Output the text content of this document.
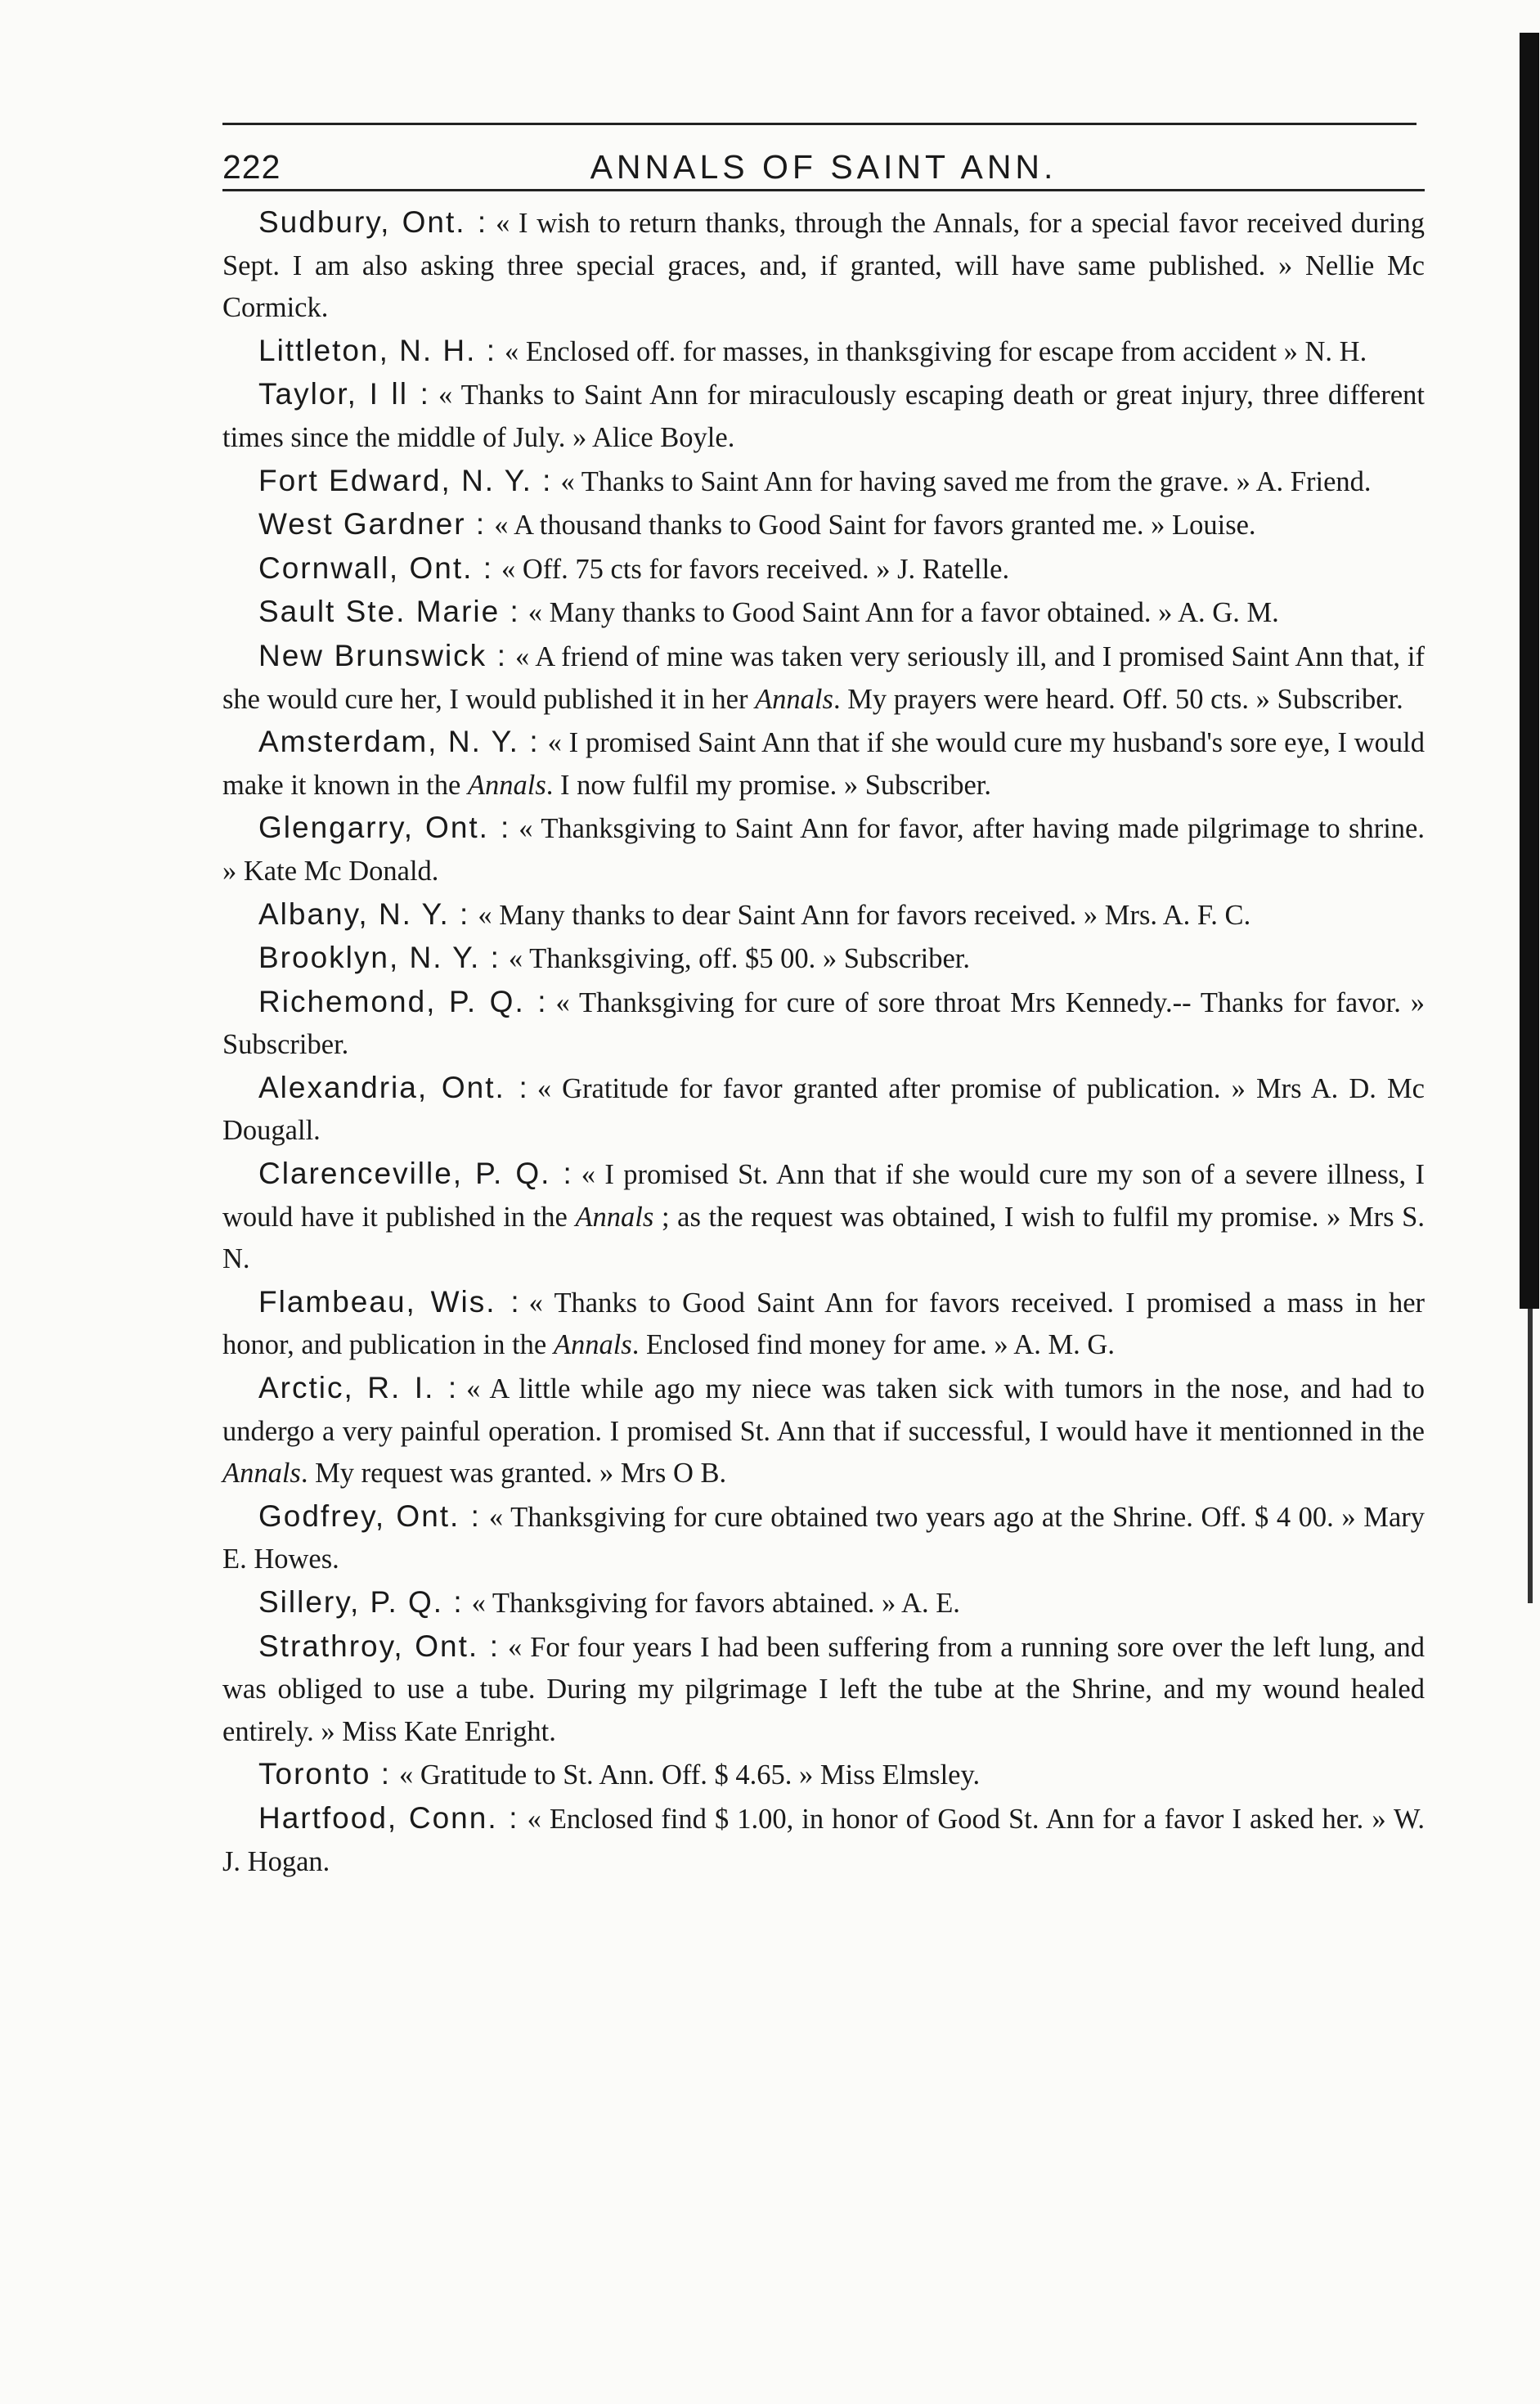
222	ANNALS OF SAINT ANN.

Sudbury, Ont. : « I wish to return thanks, through the Annals, for a special favor received during Sept. I am also asking three special graces, and, if granted, will have same published. » Nellie Mc Cormick.

Littleton, N. H. : « Enclosed off. for masses, in thanksgiving for escape from accident » N. H.

Taylor, I ll : « Thanks to Saint Ann for miraculously escaping death or great injury, three different times since the middle of July. » Alice Boyle.

Fort Edward, N. Y. : « Thanks to Saint Ann for having saved me from the grave. » A. Friend.

West Gardner : « A thousand thanks to Good Saint for favors granted me. » Louise.

Cornwall, Ont. : « Off. 75 cts for favors received. » J. Ratelle.

Sault Ste. Marie : « Many thanks to Good Saint Ann for a favor obtained. » A. G. M.

New Brunswick : « A friend of mine was taken very seriously ill, and I promised Saint Ann that, if she would cure her, I would published it in her Annals. My prayers were heard. Off. 50 cts. » Subscriber.

Amsterdam, N. Y. : « I promised Saint Ann that if she would cure my husband's sore eye, I would make it known in the Annals. I now fulfil my promise. » Subscriber.

Glengarry, Ont. : « Thanksgiving to Saint Ann for favor, after having made pilgrimage to shrine. » Kate Mc Donald.

Albany, N. Y. : « Many thanks to dear Saint Ann for favors received. » Mrs. A. F. C.

Brooklyn, N. Y. : « Thanksgiving, off. $5 00. » Subscriber.

Richemond, P. Q. : « Thanksgiving for cure of sore throat Mrs Kennedy.-- Thanks for favor. » Subscriber.

Alexandria, Ont. : « Gratitude for favor granted after promise of publication. » Mrs A. D. Mc Dougall.

Clarenceville, P. Q. : « I promised St. Ann that if she would cure my son of a severe illness, I would have it published in the Annals ; as the request was obtained, I wish to fulfil my promise. » Mrs S. N.

Flambeau, Wis. : « Thanks to Good Saint Ann for favors received. I promised a mass in her honor, and publication in the Annals. Enclosed find money for ame. » A. M. G.

Arctic, R. I. : « A little while ago my niece was taken sick with tumors in the nose, and had to undergo a very painful operation. I promised St. Ann that if successful, I would have it mentionned in the Annals. My request was granted. » Mrs O B.

Godfrey, Ont. : « Thanksgiving for cure obtained two years ago at the Shrine. Off. $ 4 00. » Mary E. Howes.

Sillery, P. Q. : « Thanksgiving for favors abtained. » A. E.

Strathroy, Ont. : « For four years I had been suffering from a running sore over the left lung, and was obliged to use a tube. During my pilgrimage I left the tube at the Shrine, and my wound healed entirely. » Miss Kate Enright.

Toronto : « Gratitude to St. Ann. Off. $ 4.65. » Miss Elmsley.

Hartfood, Conn. : « Enclosed find $ 1.00, in honor of Good St. Ann for a favor I asked her. » W. J. Hogan.
